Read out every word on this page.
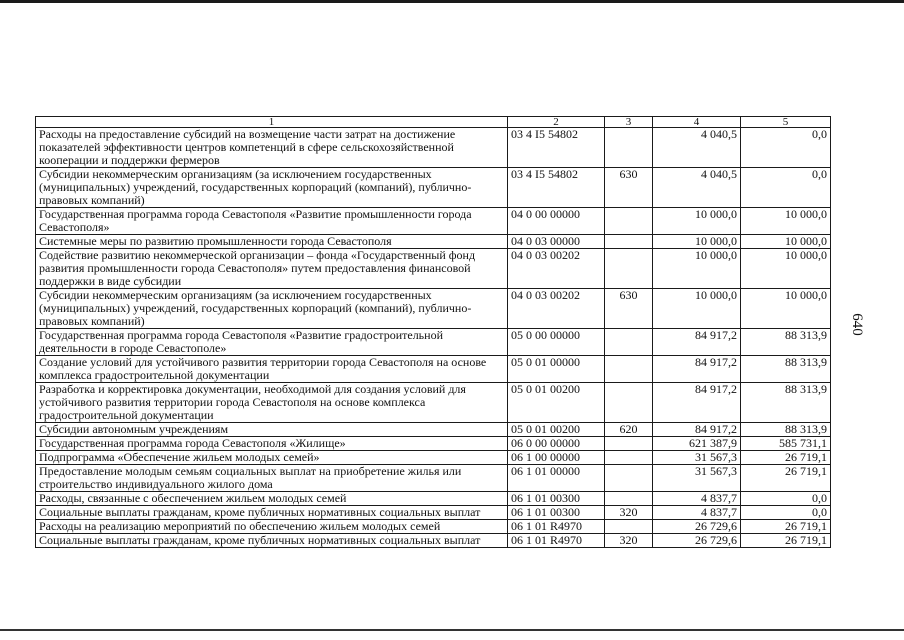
1	2	3	4	5
Расходы на предоставление субсидий на возмещение части затрат на достижение показателей эффективности центров компетенций в сфере сельскохозяйственной кооперации и поддержки фермеров	03 4 I5 54802		4 040,5	0,0
Субсидии некоммерческим организациям (за исключением государственных (муниципальных) учреждений, государственных корпораций (компаний), публично-правовых компаний)	03 4 I5 54802	630	4 040,5	0,0
Государственная программа города Севастополя «Развитие промышленности города Севастополя»	04 0 00 00000		10 000,0	10 000,0
Системные меры по развитию промышленности города Севастополя	04 0 03 00000		10 000,0	10 000,0
Содействие развитию некоммерческой организации – фонда «Государственный фонд развития промышленности города Севастополя» путем предоставления финансовой поддержки в виде субсидии	04 0 03 00202		10 000,0	10 000,0
Субсидии некоммерческим организациям (за исключением государственных (муниципальных) учреждений, государственных корпораций (компаний), публично-правовых компаний)	04 0 03 00202	630	10 000,0	10 000,0
Государственная программа города Севастополя «Развитие градостроительной деятельности в городе Севастополе»	05 0 00 00000		84 917,2	88 313,9
Создание условий для устойчивого развития территории города Севастополя на основе комплекса градостроительной документации	05 0 01 00000		84 917,2	88 313,9
Разработка и корректировка документации, необходимой для создания условий для устойчивого развития территории города Севастополя на основе комплекса градостроительной документации	05 0 01 00200		84 917,2	88 313,9
Субсидии автономным учреждениям	05 0 01 00200	620	84 917,2	88 313,9
Государственная программа города Севастополя «Жилище»	06 0 00 00000		621 387,9	585 731,1
Подпрограмма «Обеспечение жильем молодых семей»	06 1 00 00000		31 567,3	26 719,1
Предоставление молодым семьям социальных выплат на приобретение жилья или строительство индивидуального жилого дома	06 1 01 00000		31 567,3	26 719,1
Расходы, связанные с обеспечением жильем молодых семей	06 1 01 00300		4 837,7	0,0
Социальные выплаты гражданам, кроме публичных нормативных социальных выплат	06 1 01 00300	320	4 837,7	0,0
Расходы на реализацию мероприятий по обеспечению жильем молодых семей	06 1 01 R4970		26 729,6	26 719,1
Социальные выплаты гражданам, кроме публичных нормативных социальных выплат	06 1 01 R4970	320	26 729,6	26 719,1
640
